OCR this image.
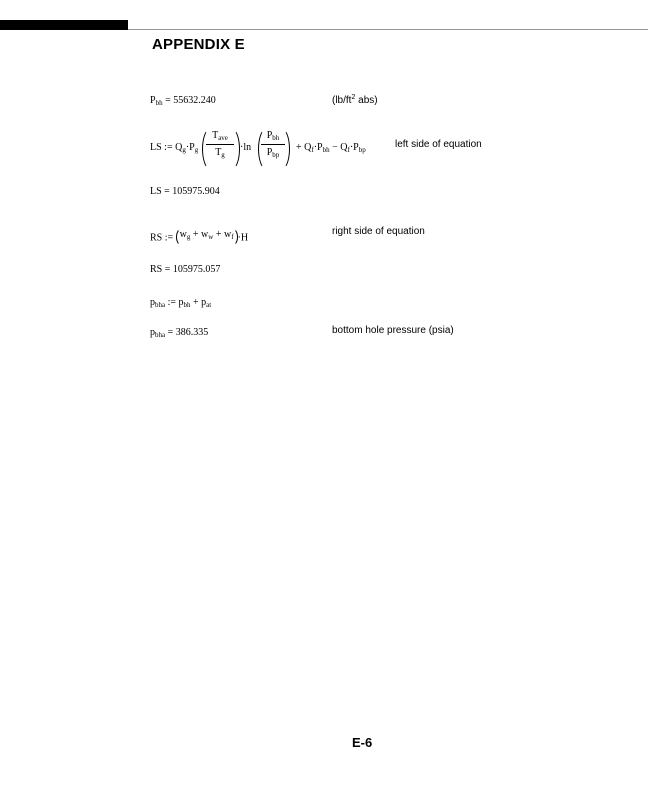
APPENDIX E
$P_{bh} = 55632.240$	($lb/ft^2$ abs)
LS := $Q_g\cdot P_g$
$T_{ave}$
$T_g$
·ln
$P_{bh}$
$P_{bp}$
+ $Q_f\cdot P_{bh} - Q_f\cdot P_{bp}$	left side of equation
LS = 105975.904
RS := $w_g + w_w + w_f \cdot H$
right side of equation
RS = 105975.057
$p_{bha}$ := $p_{bh} + p_{at}$
$p_{bha} = 386.335$	bottom hole pressure (psia)
E-6
